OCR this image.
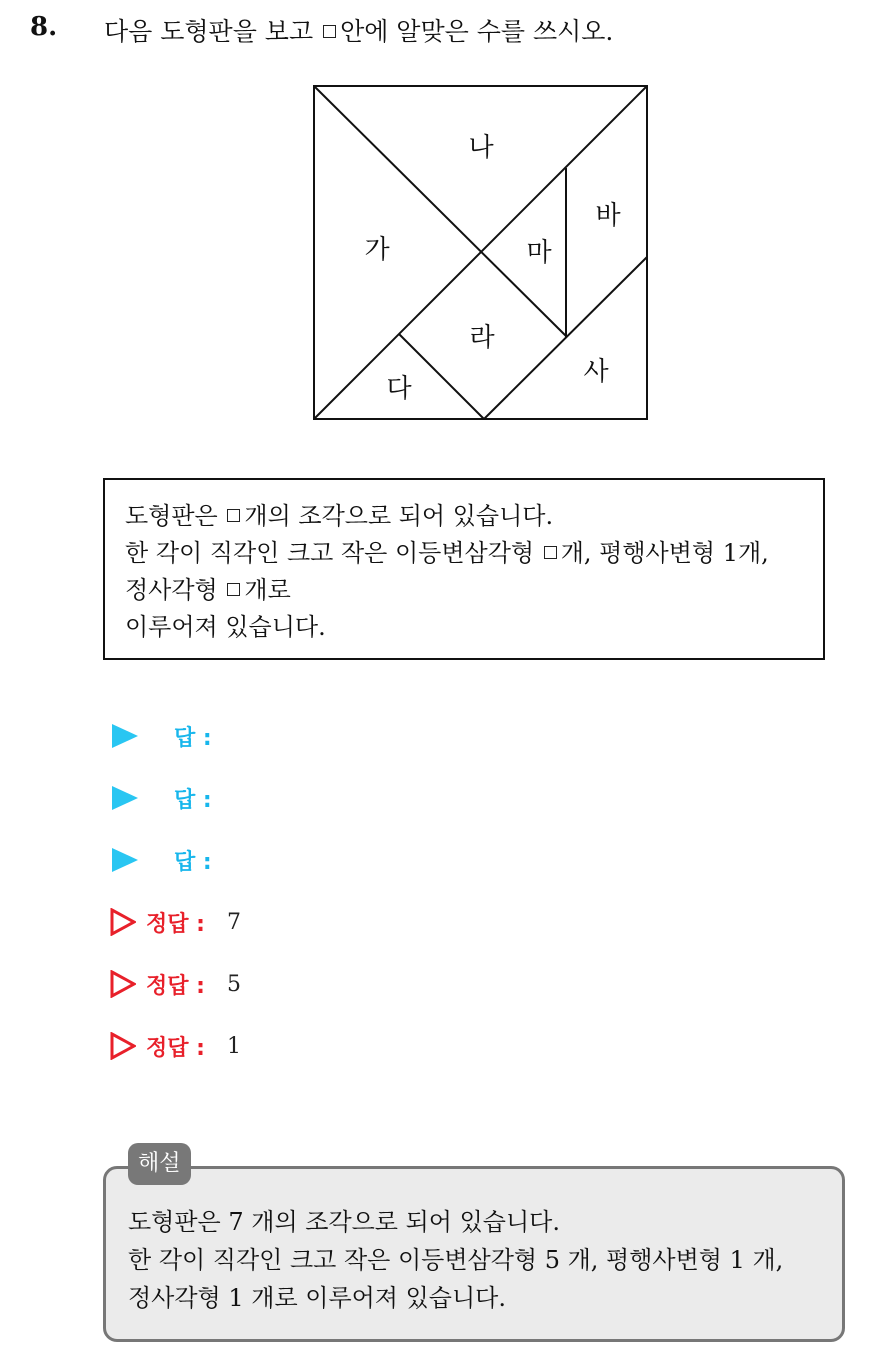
8. 다음 도형판을 보고 안에 알맞은 수를 쓰시오.
가
나
다
라
마
바
사
도형판은 개의 조각으로 되어 있습니다.
한 각이 직각인 크고 작은 이등변삼각형 개, 평행사변형 1개,
정사각형 개로
이루어져 있습니다.
답 :
답 :
답 :
정답 : 7
정답 : 5
정답 : 1
도형판은 7 개의 조각으로 되어 있습니다.
한 각이 직각인 크고 작은 이등변삼각형 5 개, 평행사변형 1 개,
정사각형 1 개로 이루어져 있습니다.
해설
